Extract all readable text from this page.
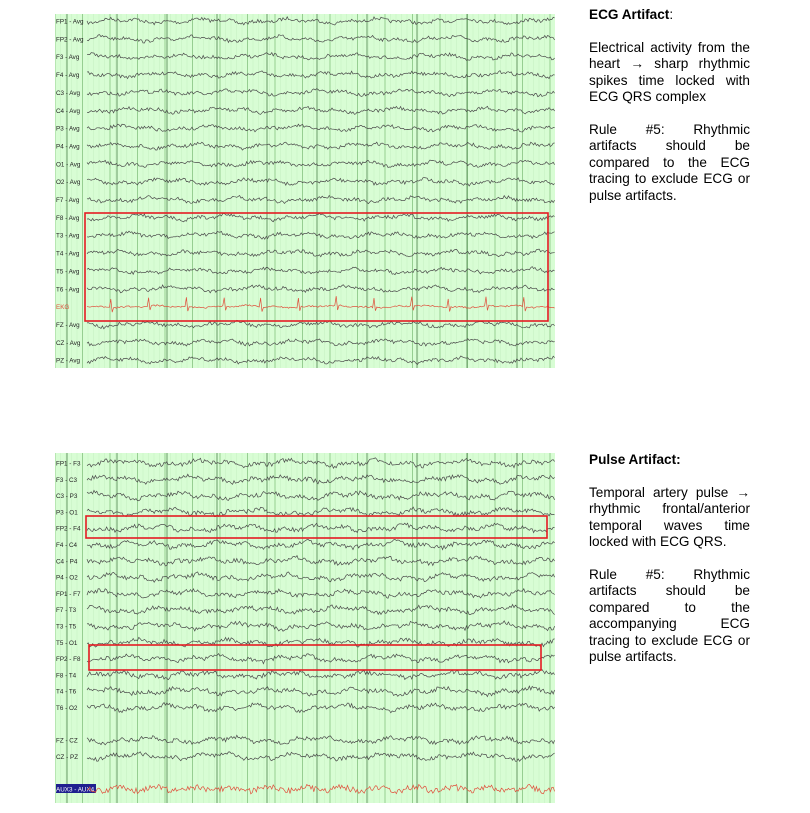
FP1 - Avg
FP2 - Avg
F3 - Avg
F4 - Avg
C3 - Avg
C4 - Avg
P3 - Avg
P4 - Avg
O1 - Avg
O2 - Avg
F7 - Avg
F8 - Avg
T3 - Avg
T4 - Avg
T5 - Avg
T6 - Avg
EKG
FZ - Avg
CZ - Avg
PZ - Avg
ECG Artifact:

Electrical activity from the heart → sharp rhythmic spikes time locked with ECG QRS complex

Rule #5: Rhythmic artifacts should be compared to the ECG tracing to exclude ECG or pulse artifacts.

FP1 - F3
F3 - C3
C3 - P3
P3 - O1
FP2 - F4
F4 - C4
C4 - P4
P4 - O2
FP1 - F7
F7 - T3
T3 - T5
T5 - O1
FP2 - F8
F8 - T4
T4 - T6
T6 - O2
FZ - CZ
CZ - PZ
AUX3 - AUX4
Pulse Artifact:

Temporal artery pulse → rhythmic frontal/anterior temporal waves time locked with ECG QRS.

Rule #5: Rhythmic artifacts should be compared to the accompanying ECG tracing to exclude ECG or pulse artifacts.
